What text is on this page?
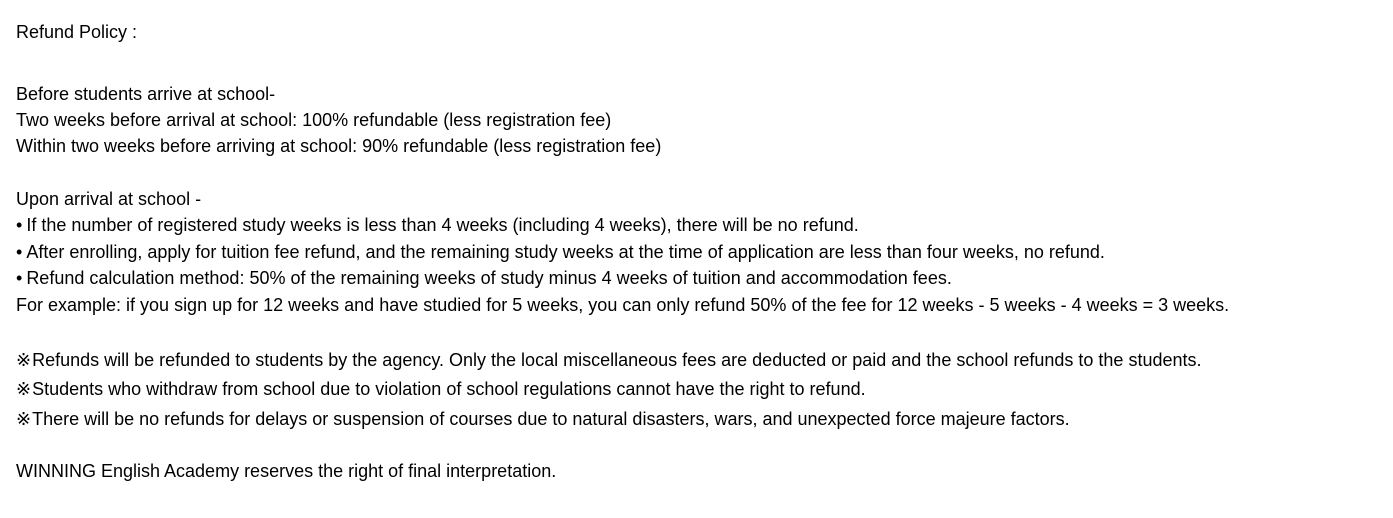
Refund Policy :
Before students arrive at school-
Two weeks before arrival at school: 100% refundable (less registration fee)
Within two weeks before arriving at school: 90% refundable (less registration fee)
Upon arrival at school -
• If the number of registered study weeks is less than 4 weeks (including 4 weeks), there will be no refund.
• After enrolling, apply for tuition fee refund, and the remaining study weeks at the time of application are less than four weeks, no refund.
• Refund calculation method: 50% of the remaining weeks of study minus 4 weeks of tuition and accommodation fees.
For example: if you sign up for 12 weeks and have studied for 5 weeks, you can only refund 50% of the fee for 12 weeks - 5 weeks - 4 weeks = 3 weeks.
※Refunds will be refunded to students by the agency. Only the local miscellaneous fees are deducted or paid and the school refunds to the students.
※Students who withdraw from school due to violation of school regulations cannot have the right to refund.
※There will be no refunds for delays or suspension of courses due to natural disasters, wars, and unexpected force majeure factors.
WINNING English Academy reserves the right of final interpretation.
